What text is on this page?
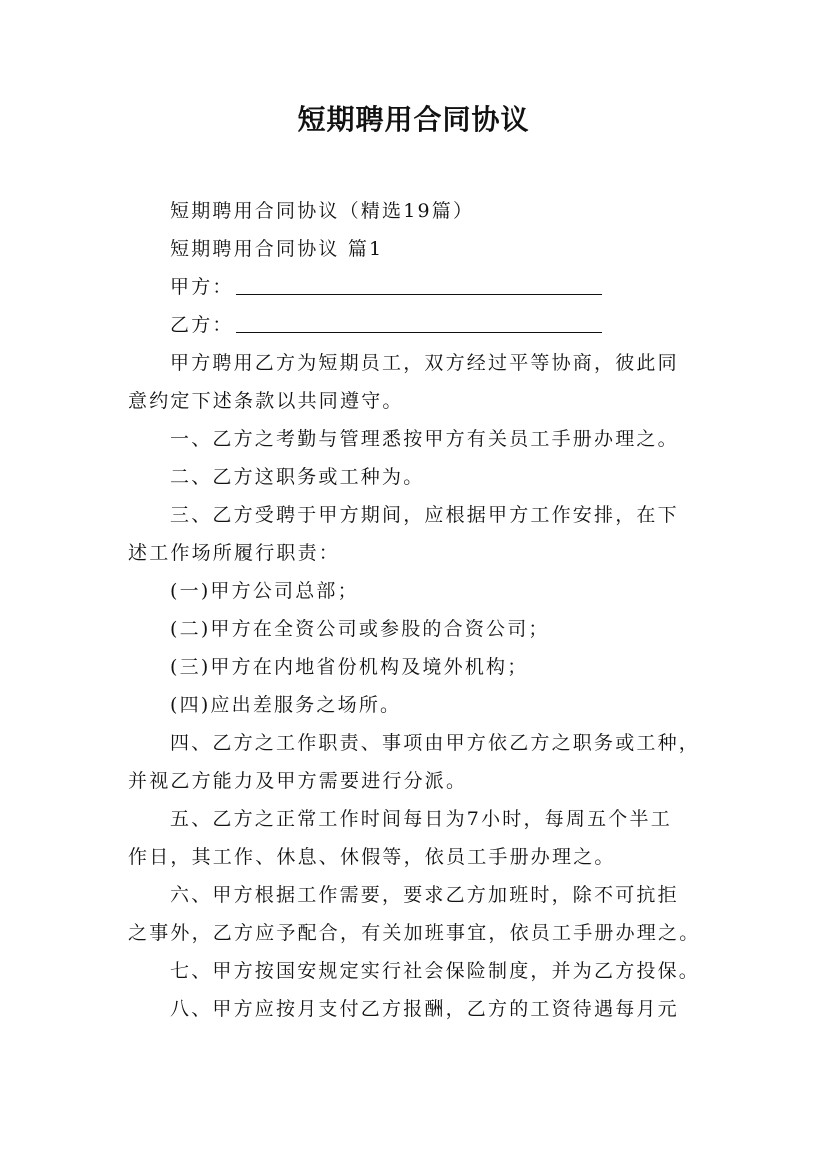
短期聘用合同协议
短期聘用合同协议（精选19篇）
短期聘用合同协议 篇1
甲方：
乙方：
甲方聘用乙方为短期员工，双方经过平等协商，彼此同
意约定下述条款以共同遵守。
一、乙方之考勤与管理悉按甲方有关员工手册办理之。
二、乙方这职务或工种为。
三、乙方受聘于甲方期间，应根据甲方工作安排，在下
述工作场所履行职责：
(一)甲方公司总部；
(二)甲方在全资公司或参股的合资公司；
(三)甲方在内地省份机构及境外机构；
(四)应出差服务之场所。
四、乙方之工作职责、事项由甲方依乙方之职务或工种，
并视乙方能力及甲方需要进行分派。
五、乙方之正常工作时间每日为7小时，每周五个半工
作日，其工作、休息、休假等，依员工手册办理之。
六、甲方根据工作需要，要求乙方加班时，除不可抗拒
之事外，乙方应予配合，有关加班事宜，依员工手册办理之。
七、甲方按国安规定实行社会保险制度，并为乙方投保。
八、甲方应按月支付乙方报酬，乙方的工资待遇每月元
